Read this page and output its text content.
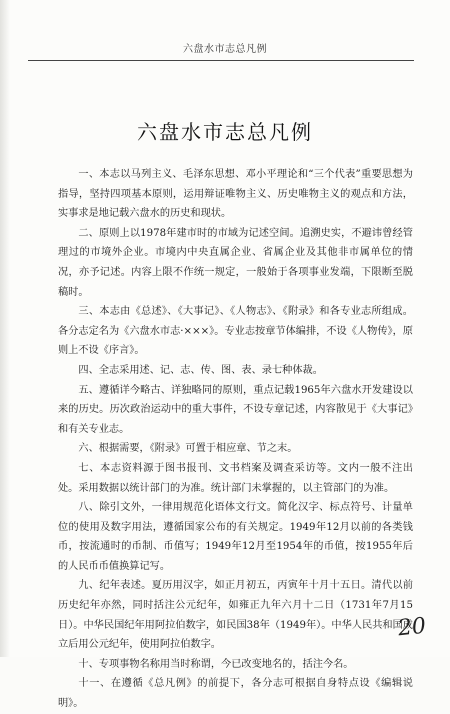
六盘水市志总凡例
六盘水市志总凡例

一、本志以马列主义、毛泽东思想、邓小平理论和“三个代表”重要思想为指导，坚持四项基本原则，运用辩证唯物主义、历史唯物主义的观点和方法，实事求是地记载六盘水的历史和现状。

二、原则上以1978年建市时的市域为记述空间。追溯史实，不避讳曾经管理过的市境外企业。市境内中央直属企业、省属企业及其他非市属单位的情况，亦予记述。内容上限不作统一规定，一般始于各项事业发端，下限断至脱稿时。

三、本志由《总述》、《大事记》、《人物志》、《附录》和各专业志所组成。各分志定名为《六盘水市志·×××》。专业志按章节体编排，不设《人物传》，原则上不设《序言》。

四、全志采用述、记、志、传、图、表、录七种体裁。

五、遵循详今略古、详独略同的原则，重点记载1965年六盘水开发建设以来的历史。历次政治运动中的重大事件，不设专章记述，内容散见于《大事记》和有关专业志。

六、根据需要，《附录》可置于相应章、节之末。

七、本志资料源于图书报刊、文书档案及调查采访等。文内一般不注出处。采用数据以统计部门的为准。统计部门未掌握的，以主管部门的为准。

八、除引文外，一律用规范化语体文行文。简化汉字、标点符号、计量单位的使用及数字用法，遵循国家公布的有关规定。1949年12月以前的各类钱币，按流通时的币制、币值写；1949年12月至1954年的币值，按1955年后的人民币币值换算记写。

九、纪年表述。夏历用汉字，如正月初五，丙寅年十月十五日。清代以前历史纪年亦然，同时括注公元纪年，如雍正九年六月十二日（1731年7月15日）。中华民国纪年用阿拉伯数字，如民国38年（1949年）。中华人民共和国成立后用公元纪年，使用阿拉伯数字。

十、专项事物名称用当时称谓，今已改变地名的，括注今名。

十一、在遵循《总凡例》的前提下，各分志可根据自身特点设《编辑说明》。

20
